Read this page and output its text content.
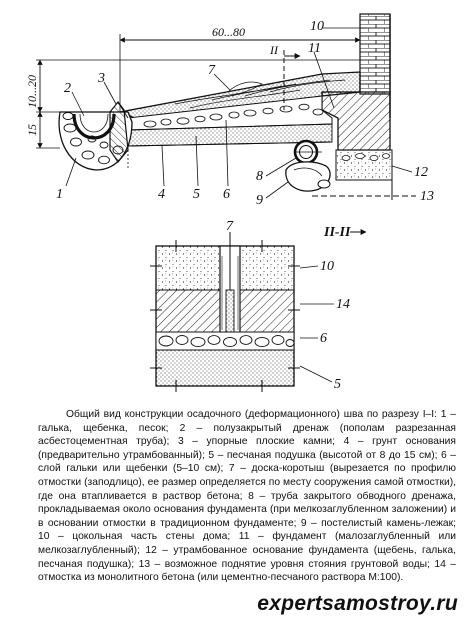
60...80
10...20
15
II
1
2
3
4 5 6
7
8
9
10
11
12
13
II-II
7
10
14
6
5
Общий вид конструкции осадочного (деформационного) шва по разрезу I–I: 1 – галька, щебенка, песок; 2 – полузакрытый дренаж (пополам разрезанная асбестоцементная труба); 3 – упорные плоские камни; 4 – грунт основания (предварительно утрамбованный); 5 – песчаная подушка (высотой от 8 до 15 см); 6 – слой гальки или щебенки (5–10 см); 7 – доска-коротыш (вырезается по профилю отмостки (заподлицо), ее размер определяется по месту сооружения самой отмостки), где она втапливается в раствор бетона; 8 – труба закрытого обводного дренажа, прокладываемая около основания фундамента (при мелкозаглубленном заложении) и в основании отмостки в традиционном фундаменте; 9 – постелистый камень-лежак; 10 – цокольная часть стены дома; 11 – фундамент (малозаглубленный или мелкозаглубленный); 12 – утрамбованное основание фундамента (щебень, галька, песчаная подушка); 13 – возможное поднятие уровня стояния грунтовой воды; 14 – отмостка из монолитного бетона (или цементно-песчаного раствора М:100).
expertsamostroy.ru
